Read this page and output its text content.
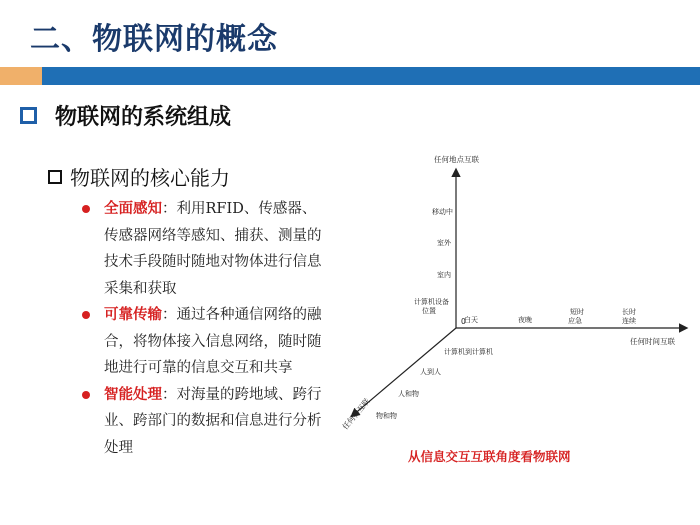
二、物联网的概念
物联网的系统组成
物联网的核心能力
全面感知：利用RFID、传感器、传感器网络等感知、捕获、测量的技术手段随时随地对物体进行信息采集和获取
可靠传输：通过各种通信网络的融合，将物体接入信息网络，随时随地进行可靠的信息交互和共享
智能处理：对海量的跨地域、跨行业、跨部门的数据和信息进行分析处理
任何地点互联
任何时间互联
任何物互联
0
移动中
室外
室内
计算机设备 位置
白天	夜晚
短时 应急
长时 连续
计算机到计算机
人到人
人和物
物和物
从信息交互互联角度看物联网
